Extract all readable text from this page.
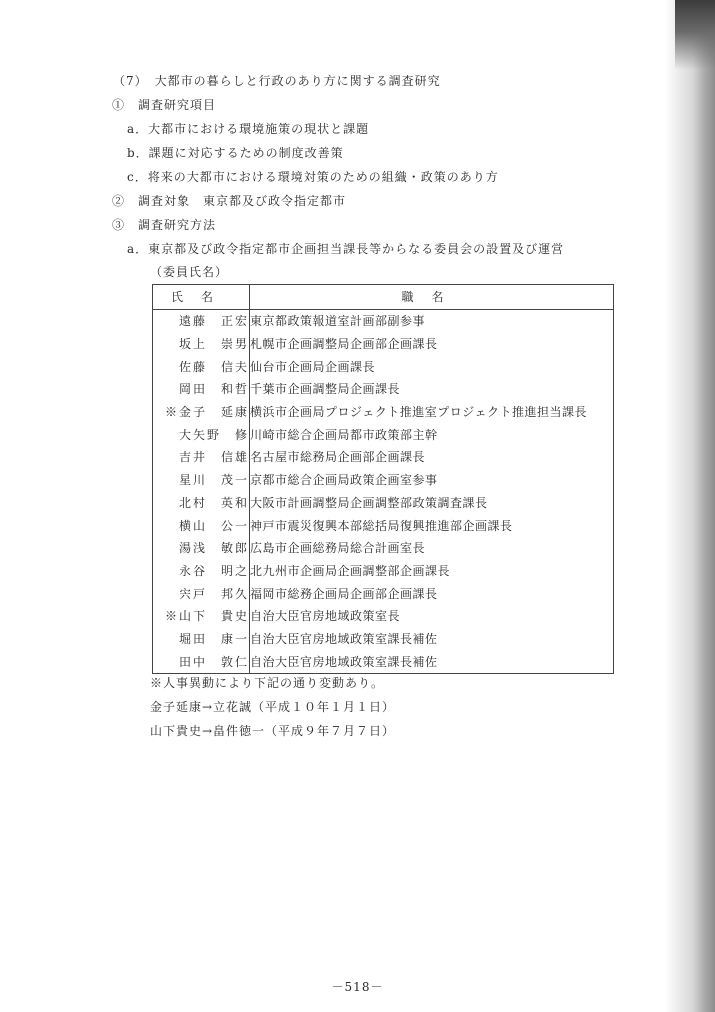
（7）　大都市の暮らしと行政のあり方に関する調査研究
①　調査研究項目
a．大都市における環境施策の現状と課題
b．課題に対応するための制度改善策
c．将来の大都市における環境対策のための組織・政策のあり方
②　調査対象　東京都及び政令指定都市
③　調査研究方法
a．東京都及び政令指定都市企画担当課長等からなる委員会の設置及び運営
（委員氏名）
氏名	職名
遠藤　正宏	東京都政策報道室計画部副参事
坂上　崇男	札幌市企画調整局企画部企画課長
佐藤　信夫	仙台市企画局企画課長
岡田　和哲	千葉市企画調整局企画課長
※金子　延康	横浜市企画局プロジェクト推進室プロジェクト推進担当課長
大矢野　修	川崎市総合企画局都市政策部主幹
吉井　信雄	名古屋市総務局企画部企画課長
星川　茂一	京都市総合企画局政策企画室参事
北村　英和	大阪市計画調整局企画調整部政策調査課長
横山　公一	神戸市震災復興本部総括局復興推進部企画課長
湯浅　敏郎	広島市企画総務局総合計画室長
永谷　明之	北九州市企画局企画調整部企画課長
宍戸　邦久	福岡市総務企画局企画部企画課長
※山下　貴史	自治大臣官房地域政策室長
堀田　康一	自治大臣官房地域政策室課長補佐
田中　敦仁	自治大臣官房地域政策室課長補佐
※人事異動により下記の通り変動あり。
金子延康→立花誠（平成１０年１月１日）
山下貴史→畠件徳一（平成９年７月７日）
－518－
